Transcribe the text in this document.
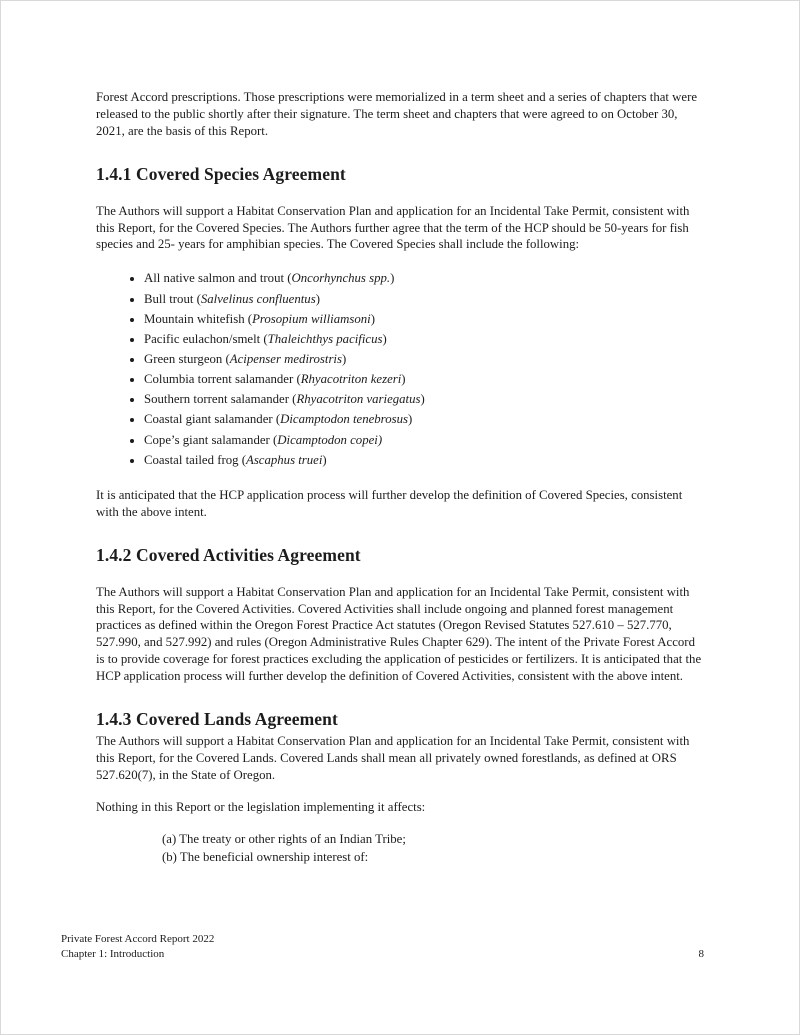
Forest Accord prescriptions. Those prescriptions were memorialized in a term sheet and a series of chapters that were released to the public shortly after their signature. The term sheet and chapters that were agreed to on October 30, 2021, are the basis of this Report.

1.4.1 Covered Species Agreement

The Authors will support a Habitat Conservation Plan and application for an Incidental Take Permit, consistent with this Report, for the Covered Species. The Authors further agree that the term of the HCP should be 50-years for fish species and 25- years for amphibian species. The Covered Species shall include the following:

• All native salmon and trout (Oncorhynchus spp.)
• Bull trout (Salvelinus confluentus)
• Mountain whitefish (Prosopium williamsoni)
• Pacific eulachon/smelt (Thaleichthys pacificus)
• Green sturgeon (Acipenser medirostris)
• Columbia torrent salamander (Rhyacotriton kezeri)
• Southern torrent salamander (Rhyacotriton variegatus)
• Coastal giant salamander (Dicamptodon tenebrosus)
• Cope’s giant salamander (Dicamptodon copei)
• Coastal tailed frog (Ascaphus truei)

It is anticipated that the HCP application process will further develop the definition of Covered Species, consistent with the above intent.

1.4.2 Covered Activities Agreement

The Authors will support a Habitat Conservation Plan and application for an Incidental Take Permit, consistent with this Report, for the Covered Activities. Covered Activities shall include ongoing and planned forest management practices as defined within the Oregon Forest Practice Act statutes (Oregon Revised Statutes 527.610 – 527.770, 527.990, and 527.992) and rules (Oregon Administrative Rules Chapter 629). The intent of the Private Forest Accord is to provide coverage for forest practices excluding the application of pesticides or fertilizers. It is anticipated that the HCP application process will further develop the definition of Covered Activities, consistent with the above intent.

1.4.3 Covered Lands Agreement

The Authors will support a Habitat Conservation Plan and application for an Incidental Take Permit, consistent with this Report, for the Covered Lands. Covered Lands shall mean all privately owned forestlands, as defined at ORS 527.620(7), in the State of Oregon.

Nothing in this Report or the legislation implementing it affects:

(a) The treaty or other rights of an Indian Tribe;

(b) The beneficial ownership interest of:

Private Forest Accord Report 2022

Chapter 1: Introduction	8
